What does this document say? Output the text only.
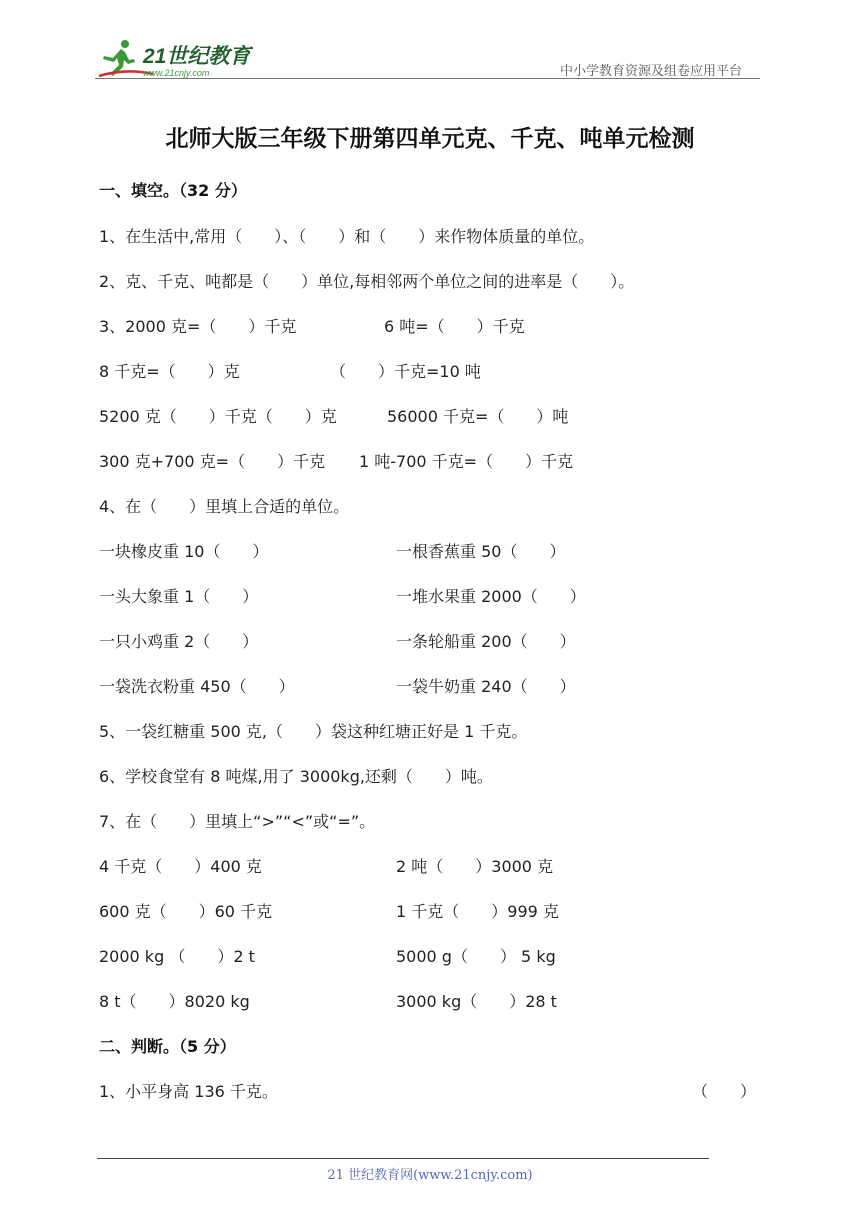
21世纪教育
www.21cnjy.com	中小学教育资源及组卷应用平台
北师大版三年级下册第四单元克、千克、吨单元检测
一、填空。（32 分）
1、在生活中,常用（　　）、（　　）和（　　）来作物体质量的单位。
2、克、千克、吨都是（　　）单位,每相邻两个单位之间的进率是（　　）。
3、2000 克=（　　）千克	6 吨=（　　）千克
8 千克=（　　）克	（　　）千克=10 吨
5200 克（　　）千克（　　）克	56000 千克=（　　）吨
300 克+700 克=（　　）千克 1 吨-700 千克=（　　）千克
4、在（　　）里填上合适的单位。
一块橡皮重 10（　　）	一根香蕉重 50（　　）
一头大象重 1（　　）	一堆水果重 2000（　　）
一只小鸡重 2（　　）	一条轮船重 200（　　）
一袋洗衣粉重 450（　　）	一袋牛奶重 240（　　）
5、一袋红糖重 500 克,（　　）袋这种红塘正好是 1 千克。
6、学校食堂有 8 吨煤,用了 3000kg,还剩（　　）吨。
7、在（　　）里填上“>”“<”或“=”。
4 千克（　　）400 克	2 吨（　　）3000 克
600 克（　　）60 千克	1 千克（　　）999 克
2000 kg （　　）2 t	5000 g（　　） 5 kg
8 t（　　）8020 kg	3000 kg（　　）28 t
二、判断。（5 分）
1、小平身高 136 千克。	（　　）
21 世纪教育网(www.21cnjy.com)
